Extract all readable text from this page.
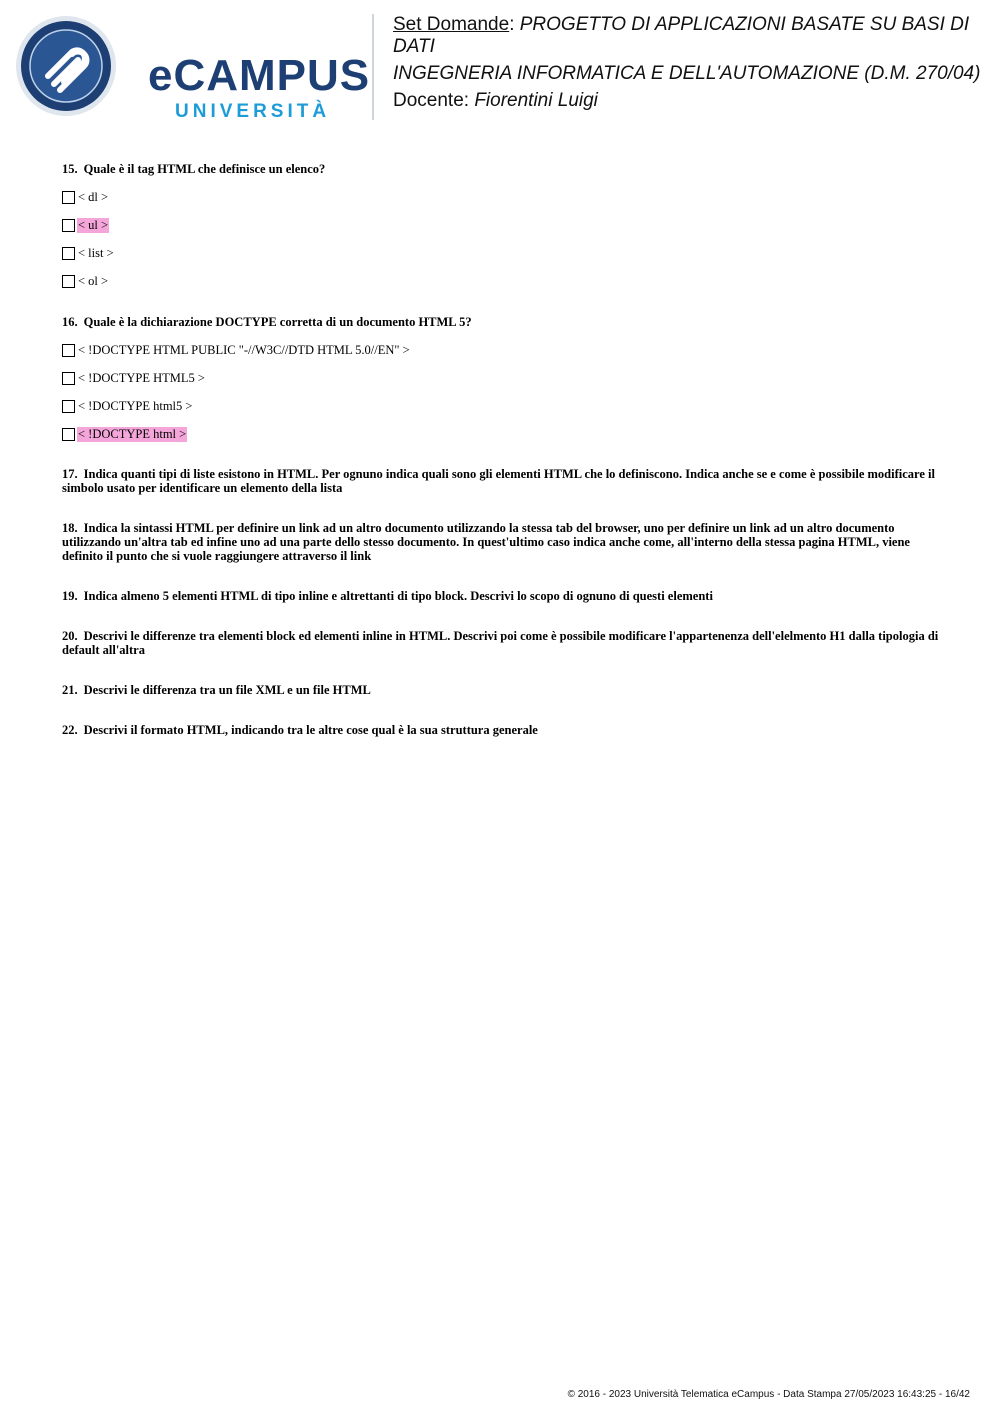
eCAMPUS
UNIVERSITÀ
Set Domande: PROGETTO DI APPLICAZIONI BASATE SU BASI DI DATI
INGEGNERIA INFORMATICA E DELL'AUTOMAZIONE (D.M. 270/04)
Docente: Fiorentini Luigi

15. Quale è il tag HTML che definisce un elenco?

< dl >
< ul >
< list >
< ol >

16. Quale è la dichiarazione DOCTYPE corretta di un documento HTML 5?

< !DOCTYPE HTML PUBLIC "-//W3C//DTD HTML 5.0//EN" >
< !DOCTYPE HTML5 >
< !DOCTYPE html5 >
< !DOCTYPE html >

17. Indica quanti tipi di liste esistono in HTML. Per ognuno indica quali sono gli elementi HTML che lo definiscono. Indica anche se e come è possibile modificare il simbolo usato per identificare un elemento della lista

18. Indica la sintassi HTML per definire un link ad un altro documento utilizzando la stessa tab del browser, uno per definire un link ad un altro documento utilizzando un'altra tab ed infine uno ad una parte dello stesso documento. In quest'ultimo caso indica anche come, all'interno della stessa pagina HTML, viene definito il punto che si vuole raggiungere attraverso il link

19. Indica almeno 5 elementi HTML di tipo inline e altrettanti di tipo block. Descrivi lo scopo di ognuno di questi elementi

20. Descrivi le differenze tra elementi block ed elementi inline in HTML. Descrivi poi come è possibile modificare l'appartenenza dell'elelmento H1 dalla tipologia di default all'altra

21. Descrivi le differenza tra un file XML e un file HTML

22. Descrivi il formato HTML, indicando tra le altre cose qual è la sua struttura generale

© 2016 - 2023 Università Telematica eCampus - Data Stampa 27/05/2023 16:43:25 - 16/42
